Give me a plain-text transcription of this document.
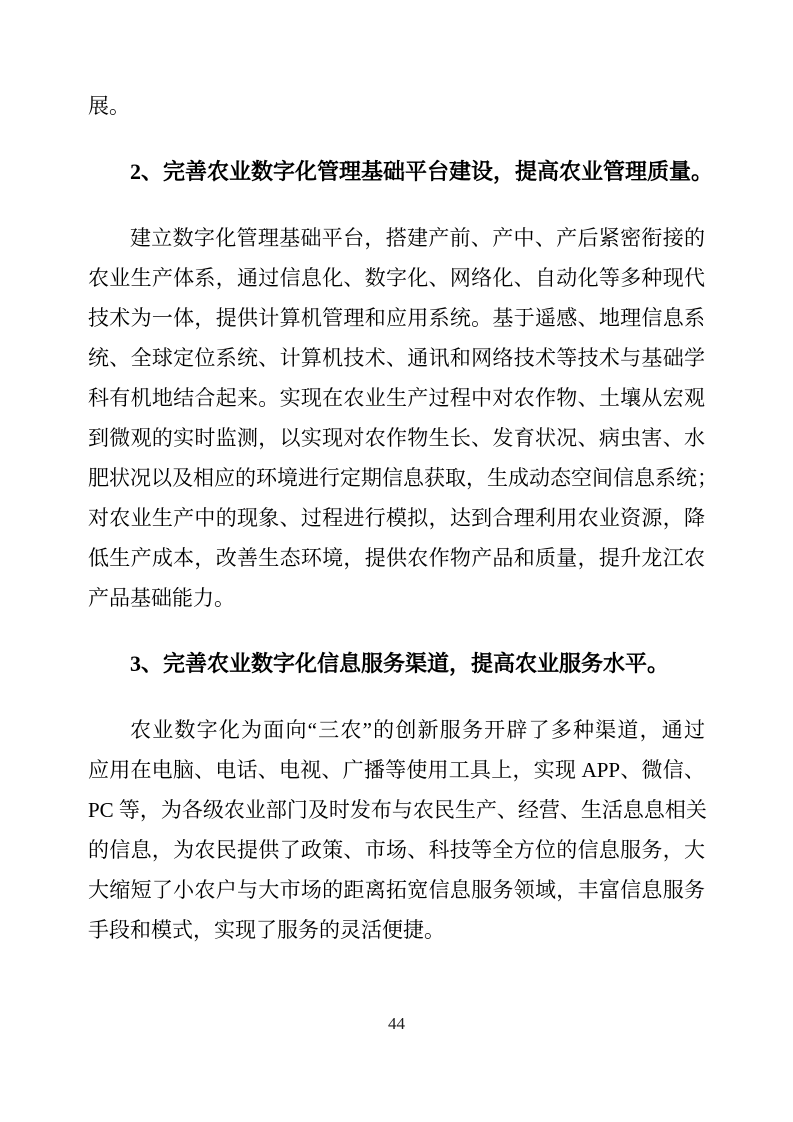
展。
2、完善农业数字化管理基础平台建设，提高农业管理质量。
建立数字化管理基础平台，搭建产前、产中、产后紧密衔接的
农业生产体系，通过信息化、数字化、网络化、自动化等多种现代
技术为一体，提供计算机管理和应用系统。基于遥感、地理信息系
统、全球定位系统、计算机技术、通讯和网络技术等技术与基础学
科有机地结合起来。实现在农业生产过程中对农作物、土壤从宏观
到微观的实时监测，以实现对农作物生长、发育状况、病虫害、水
肥状况以及相应的环境进行定期信息获取，生成动态空间信息系统；
对农业生产中的现象、过程进行模拟，达到合理利用农业资源，降
低生产成本，改善生态环境，提供农作物产品和质量，提升龙江农
产品基础能力。
3、完善农业数字化信息服务渠道，提高农业服务水平。
农业数字化为面向“三农”的创新服务开辟了多种渠道，通过
应用在电脑、电话、电视、广播等使用工具上，实现 APP、微信、
PC 等，为各级农业部门及时发布与农民生产、经营、生活息息相关
的信息，为农民提供了政策、市场、科技等全方位的信息服务，大
大缩短了小农户与大市场的距离拓宽信息服务领域，丰富信息服务
手段和模式，实现了服务的灵活便捷。
44
